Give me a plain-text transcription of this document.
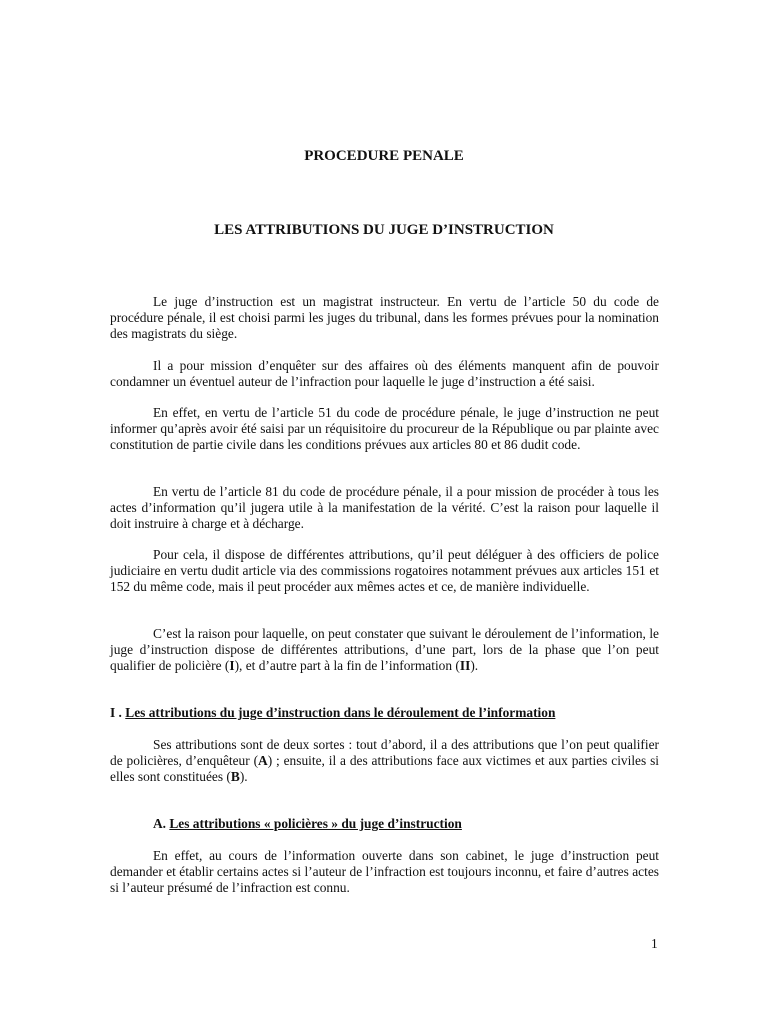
PROCEDURE PENALE
LES ATTRIBUTIONS DU JUGE D’INSTRUCTION

Le juge d’instruction est un magistrat instructeur. En vertu de l’article 50 du code de procédure pénale, il est choisi parmi les juges du tribunal, dans les formes prévues pour la nomination des magistrats du siège.

Il a pour mission d’enquêter sur des affaires où des éléments manquent afin de pouvoir condamner un éventuel auteur de l’infraction pour laquelle le juge d’instruction a été saisi.

En effet, en vertu de l’article 51 du code de procédure pénale, le juge d’instruction ne peut informer qu’après avoir été saisi par un réquisitoire du procureur de la République ou par plainte avec constitution de partie civile dans les conditions prévues aux articles 80 et 86 dudit code.

En vertu de l’article 81 du code de procédure pénale, il a pour mission de procéder à tous les actes d’information qu’il jugera utile à la manifestation de la vérité. C’est la raison pour laquelle il doit instruire à charge et à décharge.

Pour cela, il dispose de différentes attributions, qu’il peut déléguer à des officiers de police judiciaire en vertu dudit article via des commissions rogatoires notamment prévues aux articles 151 et 152 du même code, mais il peut procéder aux mêmes actes et ce, de manière individuelle.

C’est la raison pour laquelle, on peut constater que suivant le déroulement de l’information, le juge d’instruction dispose de différentes attributions, d’une part, lors de la phase que l’on peut qualifier de policière (I), et d’autre part à la fin de l’information (II).

I . Les attributions du juge d’instruction dans le déroulement de l’information

Ses attributions sont de deux sortes : tout d’abord, il a des attributions que l’on peut qualifier de policières, d’enquêteur (A) ; ensuite, il a des attributions face aux victimes et aux parties civiles si elles sont constituées (B).

A. Les attributions « policières » du juge d’instruction

En effet, au cours de l’information ouverte dans son cabinet, le juge d’instruction peut demander et établir certains actes si l’auteur de l’infraction est toujours inconnu, et faire d’autres actes si l’auteur présumé de l’infraction est connu.

1
